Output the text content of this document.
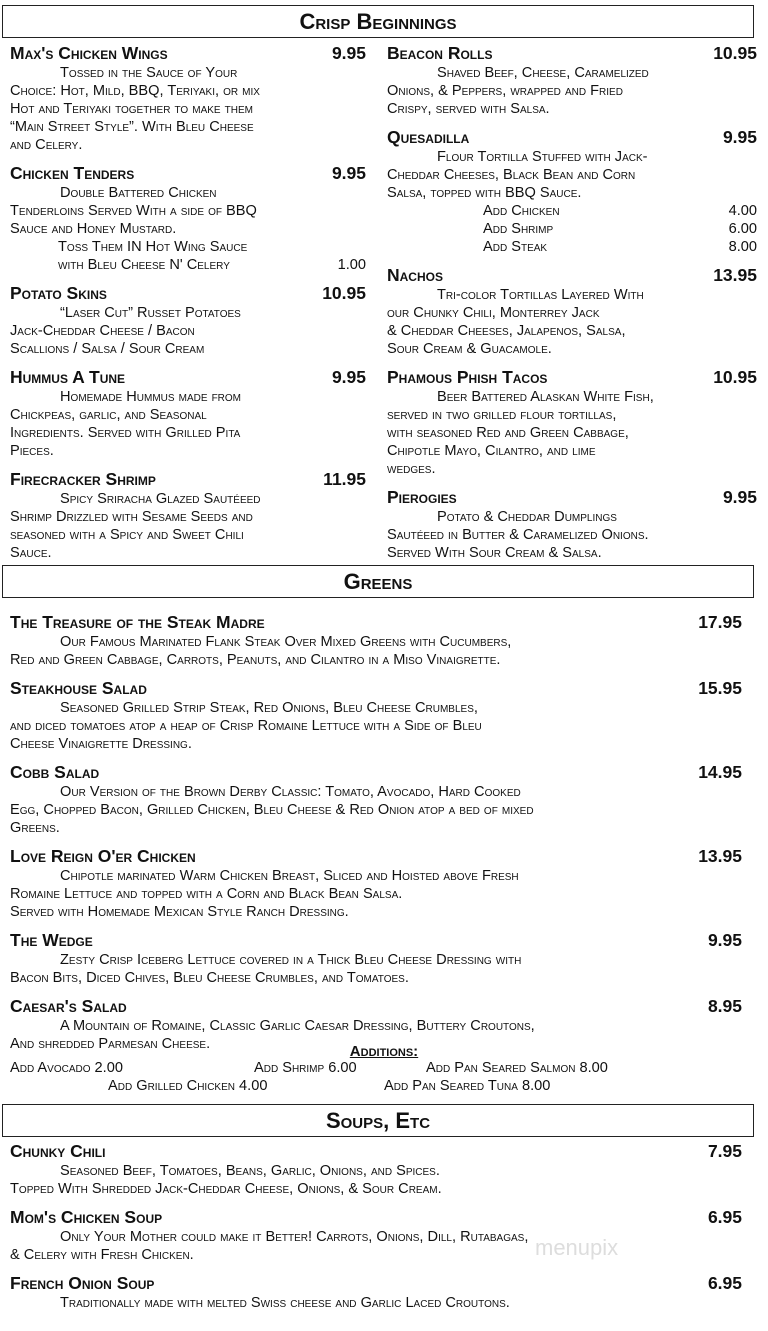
Crisp Beginnings
Max's Chicken Wings	9.95
Tossed in the Sauce of Your
Choice: Hot, Mild, BBQ, Teriyaki, or mix
Hot and Teriyaki together to make them
“Main Street Style”. With Bleu Cheese
and Celery.
Chicken Tenders	9.95
Double Battered Chicken
Tenderloins Served With a side of BBQ
Sauce and Honey Mustard.
Toss Them IN Hot Wing Sauce
with Bleu Cheese N' Celery	1.00
Potato Skins	10.95
“Laser Cut” Russet Potatoes
Jack-Cheddar Cheese / Bacon
Scallions / Salsa / Sour Cream
Hummus A Tune	9.95
Homemade Hummus made from
Chickpeas, garlic, and Seasonal
Ingredients. Served with Grilled Pita
Pieces.
Firecracker Shrimp	11.95
Spicy Sriracha Glazed Sautéeed
Shrimp Drizzled with Sesame Seeds and
seasoned with a Spicy and Sweet Chili
Sauce.
Beacon Rolls	10.95
Shaved Beef, Cheese, Caramelized
Onions, & Peppers, wrapped and Fried
Crispy, served with Salsa.
Quesadilla	9.95
Flour Tortilla Stuffed with Jack-
Cheddar Cheeses, Black Bean and Corn
Salsa, topped with BBQ Sauce.
Add Chicken	4.00
Add Shrimp	6.00
Add Steak	8.00
Nachos	13.95
Tri-color Tortillas Layered With
our Chunky Chili, Monterrey Jack
& Cheddar Cheeses, Jalapenos, Salsa,
Sour Cream & Guacamole.
Phamous Phish Tacos	10.95
Beer Battered Alaskan White Fish,
served in two grilled flour tortillas,
with seasoned Red and Green Cabbage,
Chipotle Mayo, Cilantro, and lime
wedges.
Pierogies	9.95
Potato & Cheddar Dumplings
Sautéeed in Butter & Caramelized Onions.
Served With Sour Cream & Salsa.
Greens
The Treasure of the Steak Madre	17.95
Our Famous Marinated Flank Steak Over Mixed Greens with Cucumbers,
Red and Green Cabbage, Carrots, Peanuts, and Cilantro in a Miso Vinaigrette.
Steakhouse Salad	15.95
Seasoned Grilled Strip Steak, Red Onions, Bleu Cheese Crumbles,
and diced tomatoes atop a heap of Crisp Romaine Lettuce with a Side of Bleu
Cheese Vinaigrette Dressing.
Cobb Salad	14.95
Our Version of the Brown Derby Classic: Tomato, Avocado, Hard Cooked
Egg, Chopped Bacon, Grilled Chicken, Bleu Cheese & Red Onion atop a bed of mixed
Greens.
Love Reign O'er Chicken	13.95
Chipotle marinated Warm Chicken Breast, Sliced and Hoisted above Fresh
Romaine Lettuce and topped with a Corn and Black Bean Salsa.
Served with Homemade Mexican Style Ranch Dressing.
The Wedge	9.95
Zesty Crisp Iceberg Lettuce covered in a Thick Bleu Cheese Dressing with
Bacon Bits, Diced Chives, Bleu Cheese Crumbles, and Tomatoes.
Caesar's Salad	8.95
A Mountain of Romaine, Classic Garlic Caesar Dressing, Buttery Croutons,
And shredded Parmesan Cheese.	Additions:
Add Avocado 2.00	Add Shrimp 6.00	Add Pan Seared Salmon 8.00
Add Grilled Chicken 4.00	Add Pan Seared Tuna 8.00
Soups, Etc
Chunky Chili	7.95
Seasoned Beef, Tomatoes, Beans, Garlic, Onions, and Spices.
Topped With Shredded Jack-Cheddar Cheese, Onions, & Sour Cream.
Mom's Chicken Soup	6.95
Only Your Mother could make it Better! Carrots, Onions, Dill, Rutabagas,
& Celery with Fresh Chicken.
French Onion Soup	6.95
Traditionally made with melted Swiss cheese and Garlic Laced Croutons.
menupix
